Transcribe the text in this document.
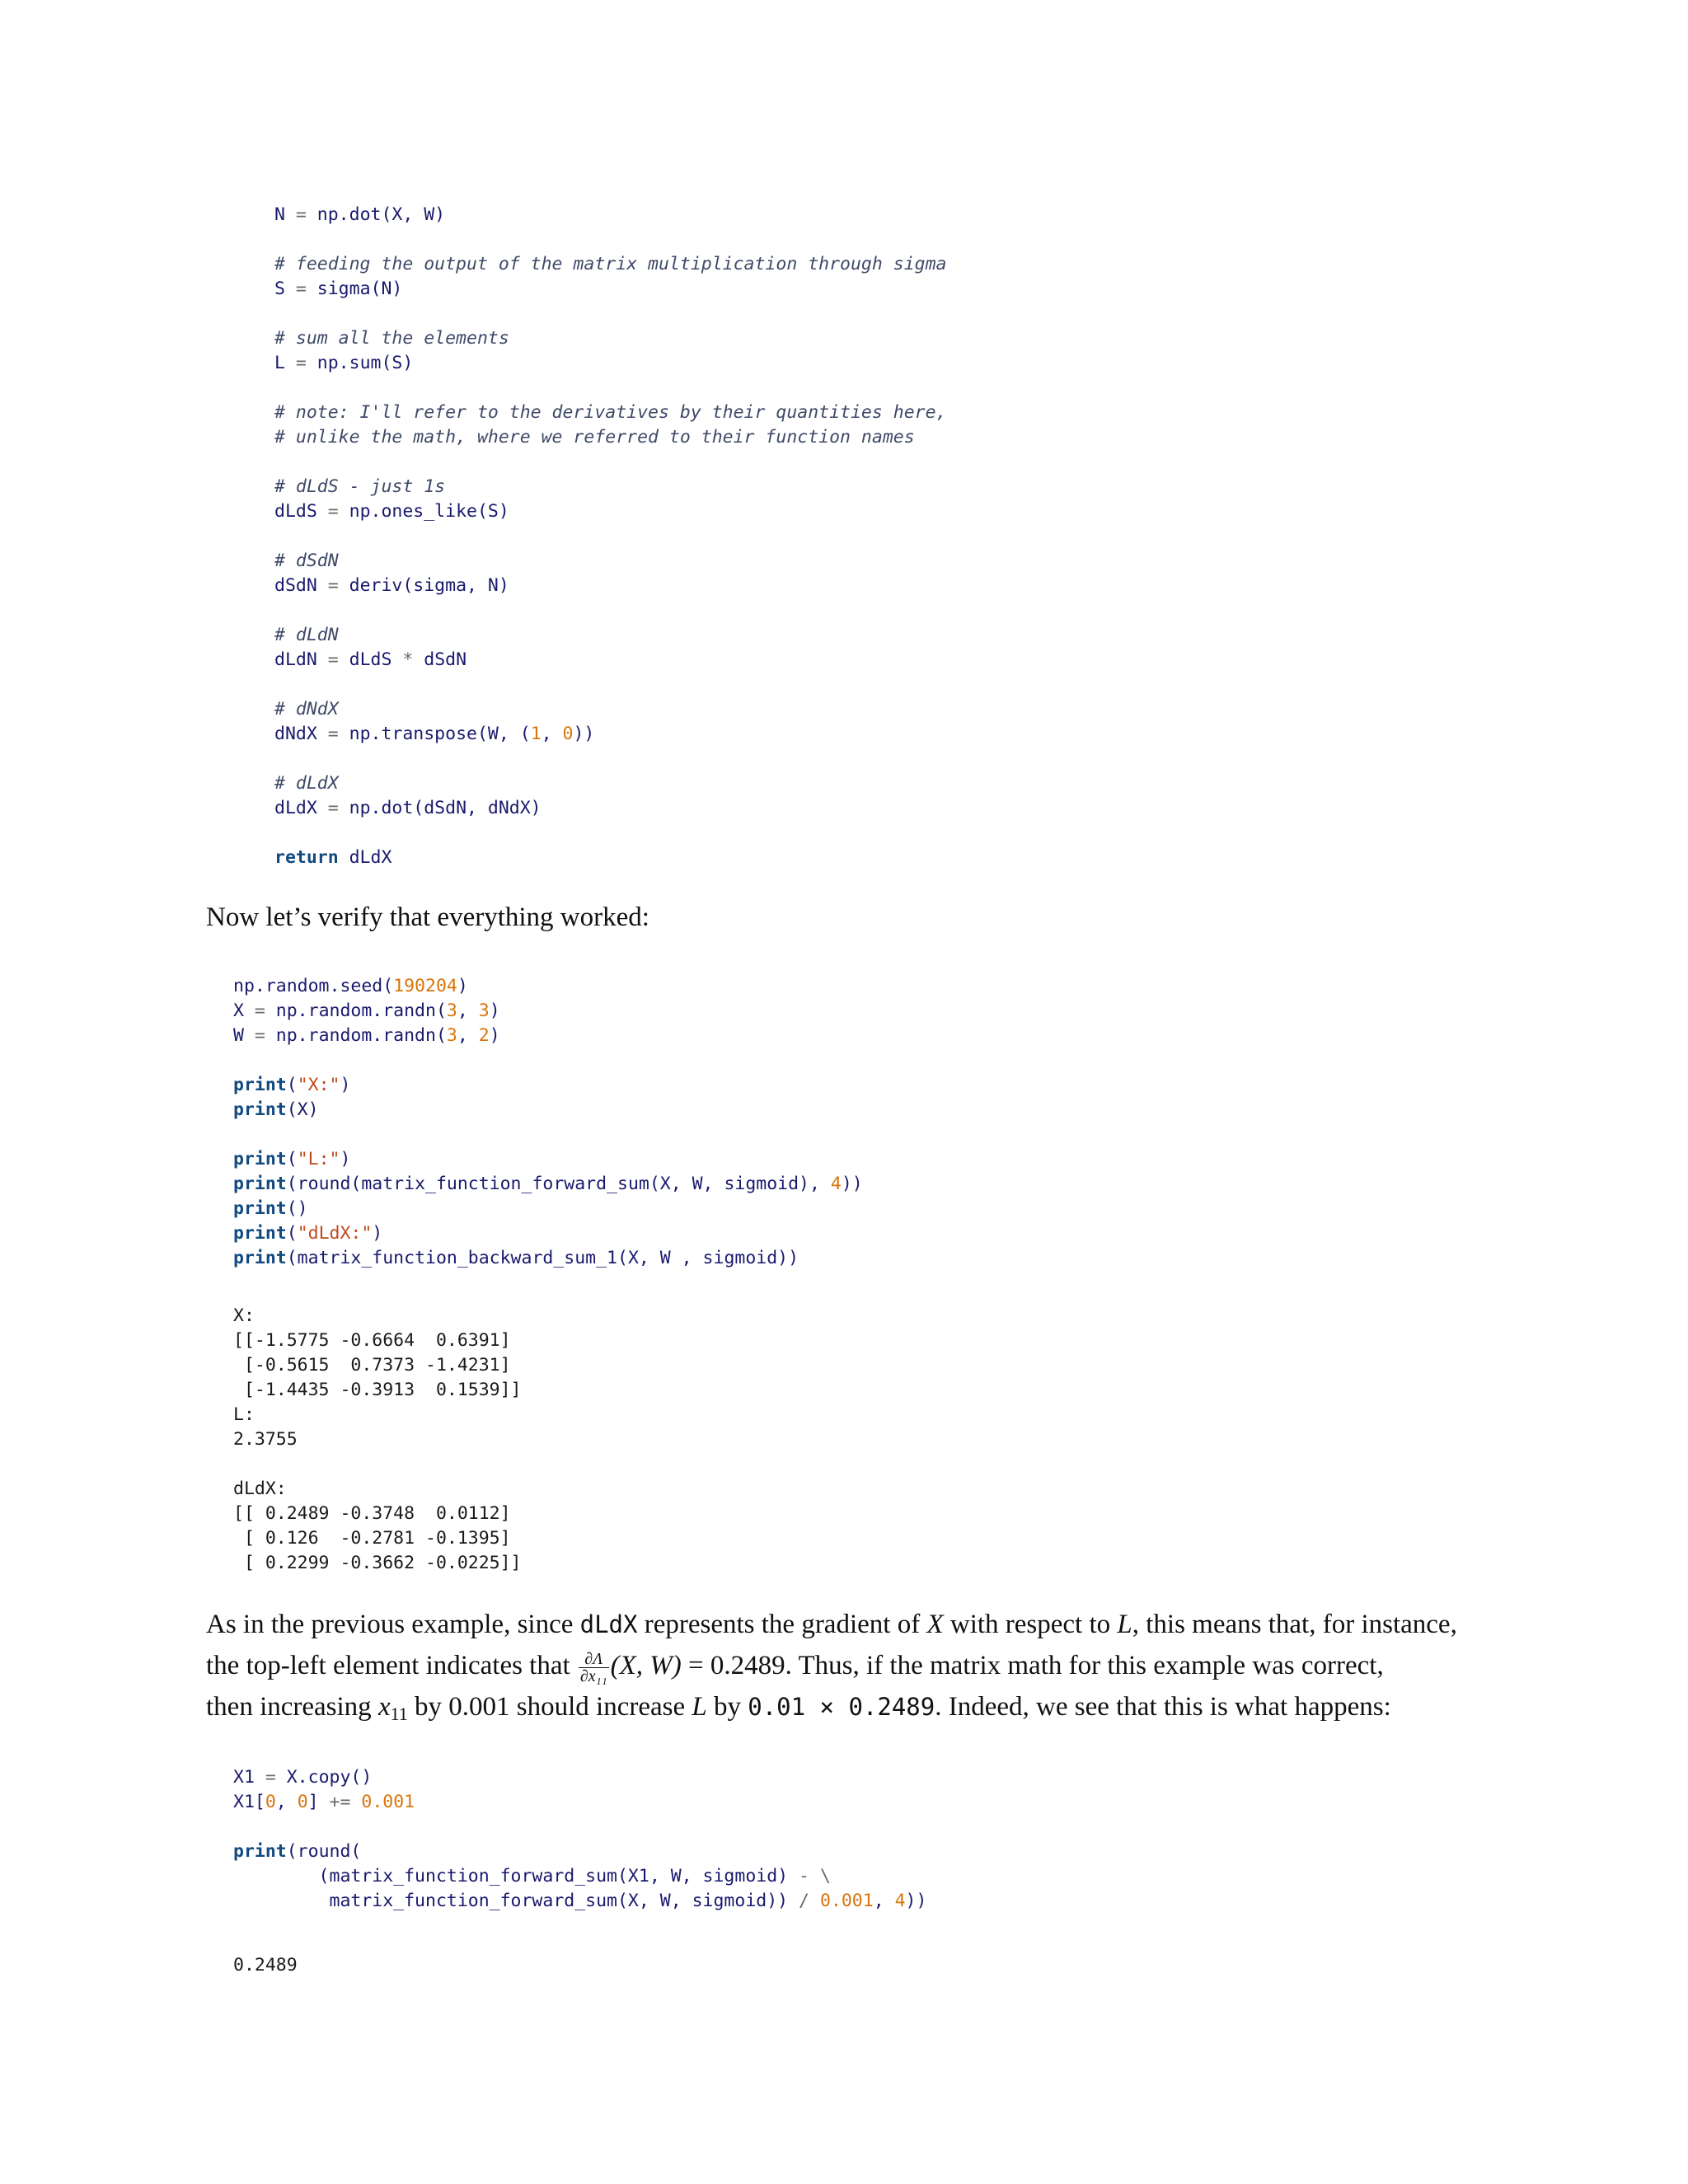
N = np.dot(X, W)
# feeding the output of the matrix multiplication through sigma
S = sigma(N)
# sum all the elements
L = np.sum(S)
# note: I'll refer to the derivatives by their quantities here,
# unlike the math, where we referred to their function names
# dLdS - just 1s
dLdS = np.ones_like(S)
# dSdN
dSdN = deriv(sigma, N)
# dLdN
dLdN = dLdS * dSdN
# dNdX
dNdX = np.transpose(W, (1, 0))
# dLdX
dLdX = np.dot(dSdN, dNdX)
return dLdX
Now let’s verify that everything worked:
np.random.seed(190204)
X = np.random.randn(3, 3)
W = np.random.randn(3, 2)
print("X:")
print(X)
print("L:")
print(round(matrix_function_forward_sum(X, W, sigmoid), 4))
print()
print("dLdX:")
print(matrix_function_backward_sum_1(X, W , sigmoid))
X:
[[-1.5775 -0.6664  0.6391]
[-0.5615  0.7373 -1.4231]
[-1.4435 -0.3913  0.1539]]
L:
2.3755
dLdX:
[[ 0.2489 -0.3748  0.0112]
[ 0.126  -0.2781 -0.1395]
[ 0.2299 -0.3662 -0.0225]]
As in the previous example, since dLdX represents the gradient of X with respect to L, this means that, for instance,
the top-left element indicates that $\frac{\partial\Lambda}{\text{∂x₁₁}} (X$, W) = 0.2489. Thus, if the matrix math for this example was correct,
then increasing $x_{11}$ by 0.001 should increase L by 0.01 × 0.2489. Indeed, we see that this is what happens:
X1 = X.copy()
X1[0, 0] += 0.001
print(round(
(matrix_function_forward_sum(X1, W, sigmoid) - \
matrix_function_forward_sum(X, W, sigmoid)) / 0.001, 4))
0.2489
